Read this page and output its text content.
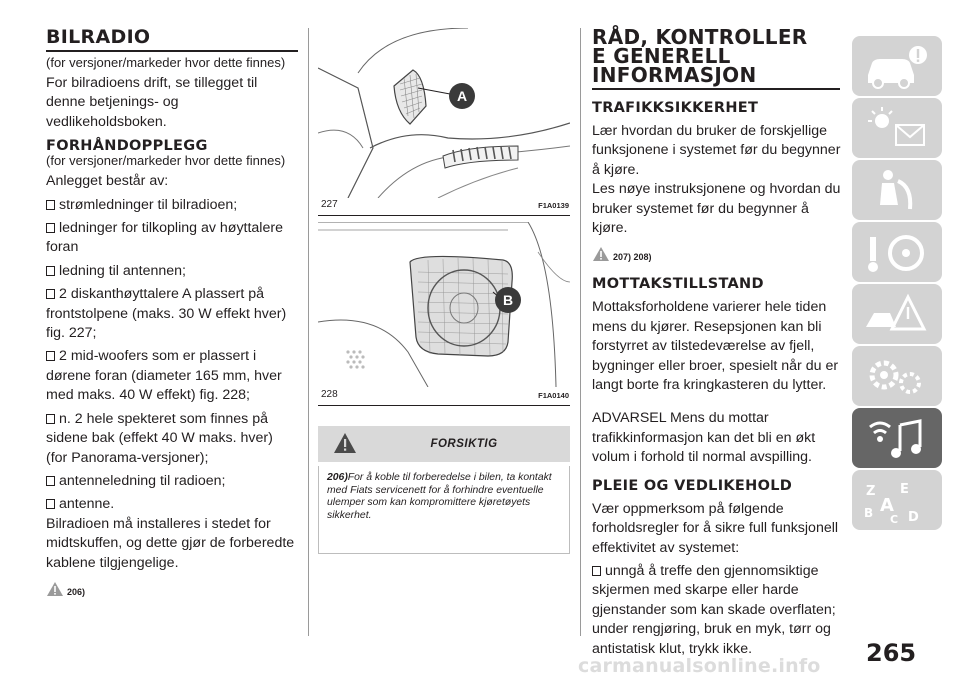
BILRADIO
(for versjoner/markeder hvor dette finnes)
For bilradioens drift, se tillegget til denne betjenings- og vedlikeholdsboken.
FORHÅNDOPPLEGG
(for versjoner/markeder hvor dette finnes)
Anlegget består av:
strømledninger til bilradioen;
ledninger for tilkopling av høyttalere foran
ledning til antennen;
2 diskanthøyttalere A plassert på frontstolpene (maks. 30 W effekt hver) fig. 227;
2 mid-woofers som er plassert i dørene foran (diameter 165 mm, hver med maks. 40 W effekt) fig. 228;
n. 2 hele spekteret som finnes på sidene bak (effekt 40 W maks. hver) (for Panorama-versjoner);
antenneledning til radioen;
antenne.
Bilradioen må installeres i stedet for midtskuffen, og dette gjør de forberedte kablene tilgjengelige.
206)
A
227	F1A0139
B
228	F1A0140
FORSIKTIG
206)For å koble til forberedelse i bilen, ta kontakt med Fiats servicenett for å forhindre eventuelle ulemper som kan kompromittere kjøretøyets sikkerhet.
RÅD, KONTROLLER
E GENERELL
INFORMASJON
TRAFIKKSIKKERHET
Lær hvordan du bruker de forskjellige funksjonene i systemet før du begynner å kjøre.
Les nøye instruksjonene og hvordan du bruker systemet før du begynner å kjøre.
207) 208)
MOTTAKSTILLSTAND
Mottaksforholdene varierer hele tiden mens du kjører. Resepsjonen kan bli forstyrret av tilstedeværelse av fjell, bygninger eller broer, spesielt når du er langt borte fra kringkasteren du lytter.
ADVARSEL Mens du mottar trafikkinformasjon kan det bli en økt volum i forhold til normal avspilling.
PLEIE OG VEDLIKEHOLD
Vær oppmerksom på følgende forholdsregler for å sikre full funksjonell effektivitet av systemet:
unngå å treffe den gjennomsiktige skjermen med skarpe eller harde gjenstander som kan skade overflaten; under rengjøring, bruk en myk, tørr og antistatisk klut, trykk ikke.
Z E
A
B	D
C
265
carmanualsonline.info
